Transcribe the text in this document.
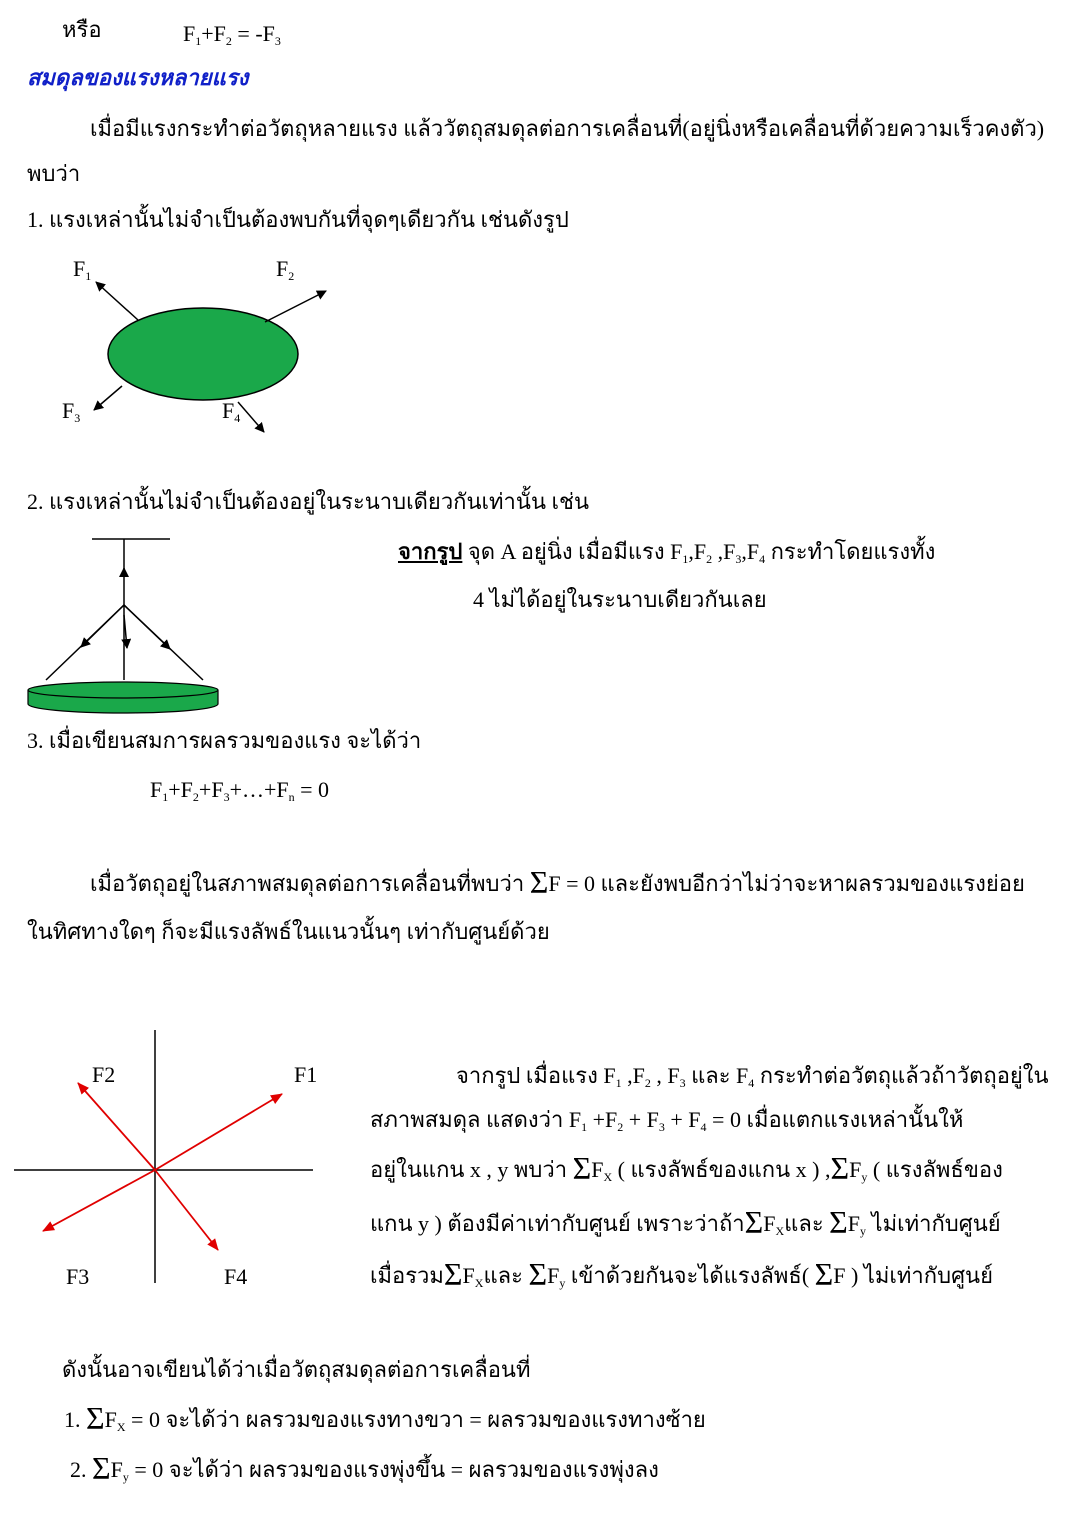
หรือ	$F_1+F_2 = -F_3$
สมดุลของแรงหลายแรง
เมื่อมีแรงกระทำต่อวัตถุหลายแรง แล้ววัตถุสมดุลต่อการเคลื่อนที่(อยู่นิ่งหรือเคลื่อนที่ด้วยความเร็วคงตัว)
พบว่า
1. แรงเหล่านั้นไม่จำเป็นต้องพบกันที่จุดๆเดียวกัน เช่นดังรูป
$F_1$	$F_2$
$F_3$	$F_4$
2. แรงเหล่านั้นไม่จำเป็นต้องอยู่ในระนาบเดียวกันเท่านั้น เช่น
จากรูป จุด A อยู่นิ่ง เมื่อมีแรง $F_1,F_2$ $,F_3,F_4$ กระทำโดยแรงทั้ง
4 ไม่ได้อยู่ในระนาบเดียวกันเลย
3. เมื่อเขียนสมการผลรวมของแรง จะได้ว่า
$F_1+F_2+F_3+\dots+F_n = 0$
เมื่อวัตถุอยู่ในสภาพสมดุลต่อการเคลื่อนที่พบว่า ΣF = 0 และยังพบอีกว่าไม่ว่าจะหาผลรวมของแรงย่อย
ในทิศทางใดๆ ก็จะมีแรงลัพธ์ในแนวนั้นๆ เท่ากับศูนย์ด้วย
F2	F1
F3	F4
จากรูป เมื่อแรง $F_1$ $,F_2$ , $F_3$ และ $F_4$ กระทำต่อวัตถุแล้วถ้าวัตถุอยู่ใน
สภาพสมดุล แสดงว่า $F_1 +F_2 + F_3 + F_4 = 0$ เมื่อแตกแรงเหล่านั้นให้
อยู่ในแกน x , y พบว่า $\Sigma F_X$ ( แรงลัพธ์ของแกน x ) $,\Sigma F_y$ ( แรงลัพธ์ของ
แกน y ) ต้องมีค่าเท่ากับศูนย์ เพราะว่าถ้า$\Sigma F_X$และ $\Sigma F_y$ ไม่เท่ากับศูนย์
เมื่อรวม$\Sigma F_X$และ $\Sigma F_y$ เข้าด้วยกันจะได้แรงลัพธ์( ΣF ) ไม่เท่ากับศูนย์
ดังนั้นอาจเขียนได้ว่าเมื่อวัตถุสมดุลต่อการเคลื่อนที่
1. $\Sigma F_X = 0$ จะได้ว่า ผลรวมของแรงทางขวา = ผลรวมของแรงทางซ้าย
2. $\Sigma F_y = 0$ จะได้ว่า ผลรวมของแรงพุ่งขึ้น = ผลรวมของแรงพุ่งลง
